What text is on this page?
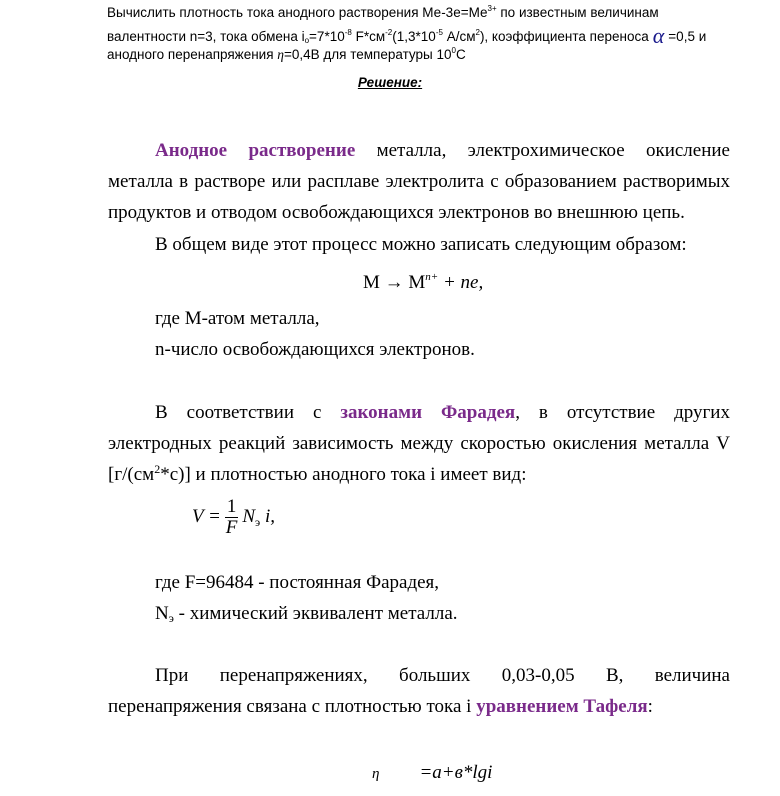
Вычислить плотность тока анодного растворения $Ме-3е=Ме^{3+}$ по известным величинам
валентности n=3, тока обмена $i_o=7*10^{-8}$ $F*см^{-2}(1,3*10^{-5}$ $А/см^2$), коэффициента переноса α =0,5 и
анодного перенапряжения η=0,4В для температуры $10^0C$
Решение:
Анодное растворение металла, электрохимическое окисление металла в растворе или расплаве электролита с образованием растворимых продуктов и отводом освобождающихся электронов во внешнюю цепь.
В общем виде этот процесс можно записать следующим образом:
$M \to M^{n+}$ + ne,
где М-атом металла,
n-число освобождающихся электронов.
В соответствии с законами Фарадея, в отсутствие других электродных реакций зависимость между скоростью окисления металла V $[г/(см^2*с)]$ и плотностью анодного тока i имеет вид:
$V = \frac{1}{F} N_э$ i,
где F=96484 - постоянная Фарадея,
$N_э$ - химический эквивалент металла.
При перенапряжениях, больших 0,03-0,05 В, величина перенапряжения связана с плотностью тока i уравнением Тафеля:
η =a+в*lgi
